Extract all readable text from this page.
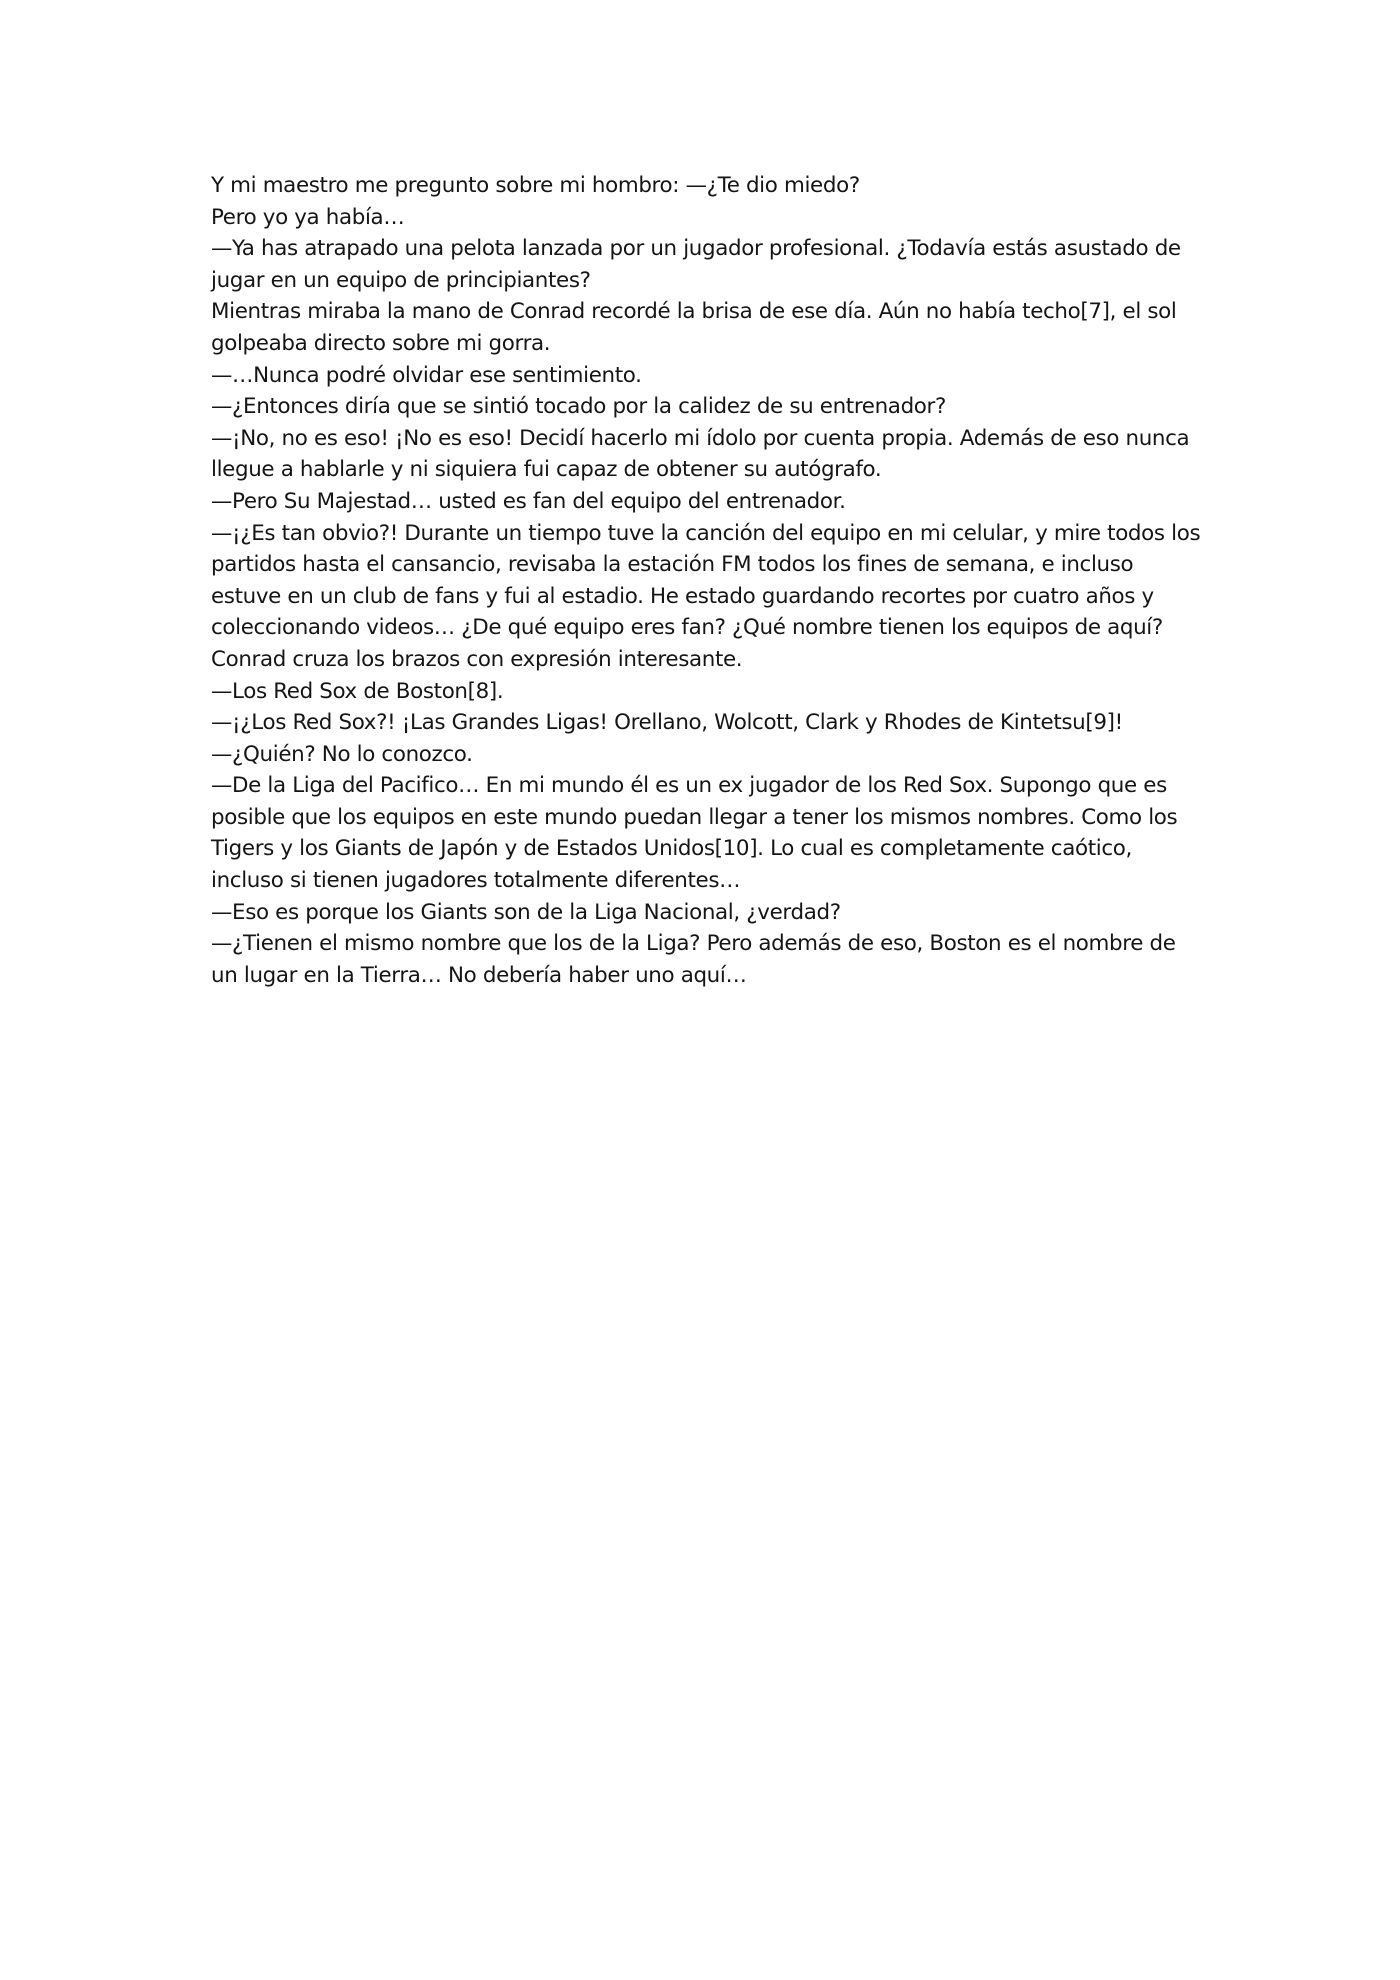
Y mi maestro me pregunto sobre mi hombro: —¿Te dio miedo?

Pero yo ya había…

—Ya has atrapado una pelota lanzada por un jugador profesional. ¿Todavía estás asustado de jugar en un equipo de principiantes?

Mientras miraba la mano de Conrad recordé la brisa de ese día. Aún no había techo[7], el sol golpeaba directo sobre mi gorra.

—…Nunca podré olvidar ese sentimiento.

—¿Entonces diría que se sintió tocado por la calidez de su entrenador?

—¡No, no es eso! ¡No es eso! Decidí hacerlo mi ídolo por cuenta propia. Además de eso nunca llegue a hablarle y ni siquiera fui capaz de obtener su autógrafo.

—Pero Su Majestad… usted es fan del equipo del entrenador.

—¡¿Es tan obvio?! Durante un tiempo tuve la canción del equipo en mi celular, y mire todos los partidos hasta el cansancio, revisaba la estación FM todos los fines de semana, e incluso estuve en un club de fans y fui al estadio. He estado guardando recortes por cuatro años y coleccionando videos… ¿De qué equipo eres fan? ¿Qué nombre tienen los equipos de aquí?

Conrad cruza los brazos con expresión interesante.

—Los Red Sox de Boston[8].

—¡¿Los Red Sox?! ¡Las Grandes Ligas! Orellano, Wolcott, Clark y Rhodes de Kintetsu[9]!

—¿Quién? No lo conozco.

—De la Liga del Pacifico… En mi mundo él es un ex jugador de los Red Sox. Supongo que es posible que los equipos en este mundo puedan llegar a tener los mismos nombres. Como los Tigers y los Giants de Japón y de Estados Unidos[10]. Lo cual es completamente caótico, incluso si tienen jugadores totalmente diferentes…

—Eso es porque los Giants son de la Liga Nacional, ¿verdad?

—¿Tienen el mismo nombre que los de la Liga? Pero además de eso, Boston es el nombre de un lugar en la Tierra… No debería haber uno aquí…
